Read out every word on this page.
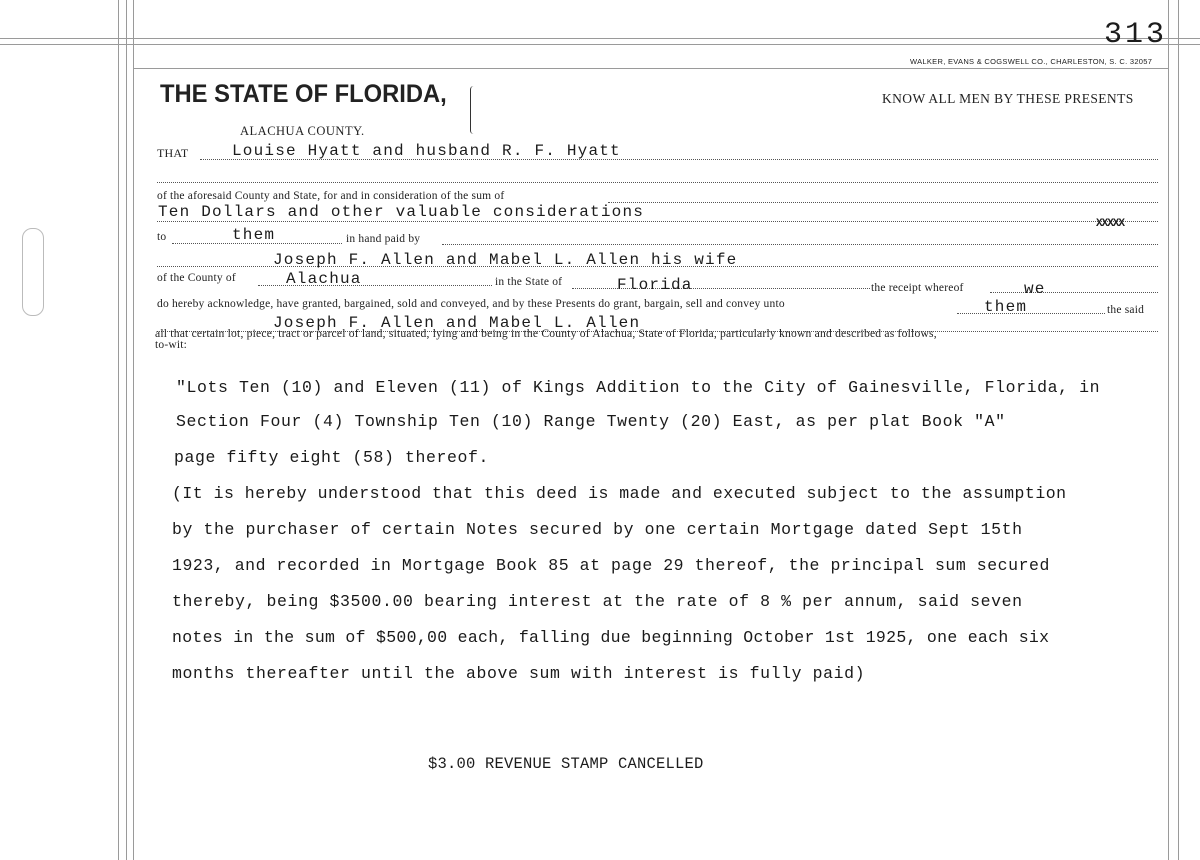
313
WALKER, EVANS & COGSWELL CO., CHARLESTON, S. C. 32057
THE STATE OF FLORIDA,
ALACHUA COUNTY.
KNOW ALL MEN BY THESE PRESENTS
THAT	Louise Hyatt and husband R. F. Hyatt
of the aforesaid County and State, for and in consideration of the sum of
Ten Dollars and other valuable considerations
XXXXX
to	them	in hand paid by
Joseph F. Allen and Mabel L. Allen his wife
of the County of	Alachua	in the State of	Florida	the receipt whereof	we
do hereby acknowledge, have granted, bargained, sold and conveyed, and by these Presents do grant, bargain, sell and convey unto	them	the said
Joseph F. Allen and Mabel L. Allen
all that certain lot, piece, tract or parcel of land, situated, lying and being in the County of Alachua, State of Florida, particularly known and described as follows,
to-wit:
"Lots Ten (10) and Eleven (11) of Kings Addition to the City of Gainesville, Florida, in
Section Four (4) Township Ten (10) Range Twenty (20) East, as per plat Book "A"
page fifty eight (58) thereof.
(It is hereby understood that this deed is made and executed subject to the assumption
by the purchaser of certain Notes secured by one certain Mortgage dated Sept 15th
1923, and recorded in Mortgage Book 85 at page 29 thereof, the principal sum secured
thereby, being $3500.00 bearing interest at the rate of 8 % per annum, said seven
notes in the sum of $500,00 each, falling due beginning October 1st 1925, one each six
months thereafter until the above sum with interest is fully paid)
$3.00 REVENUE STAMP CANCELLED
